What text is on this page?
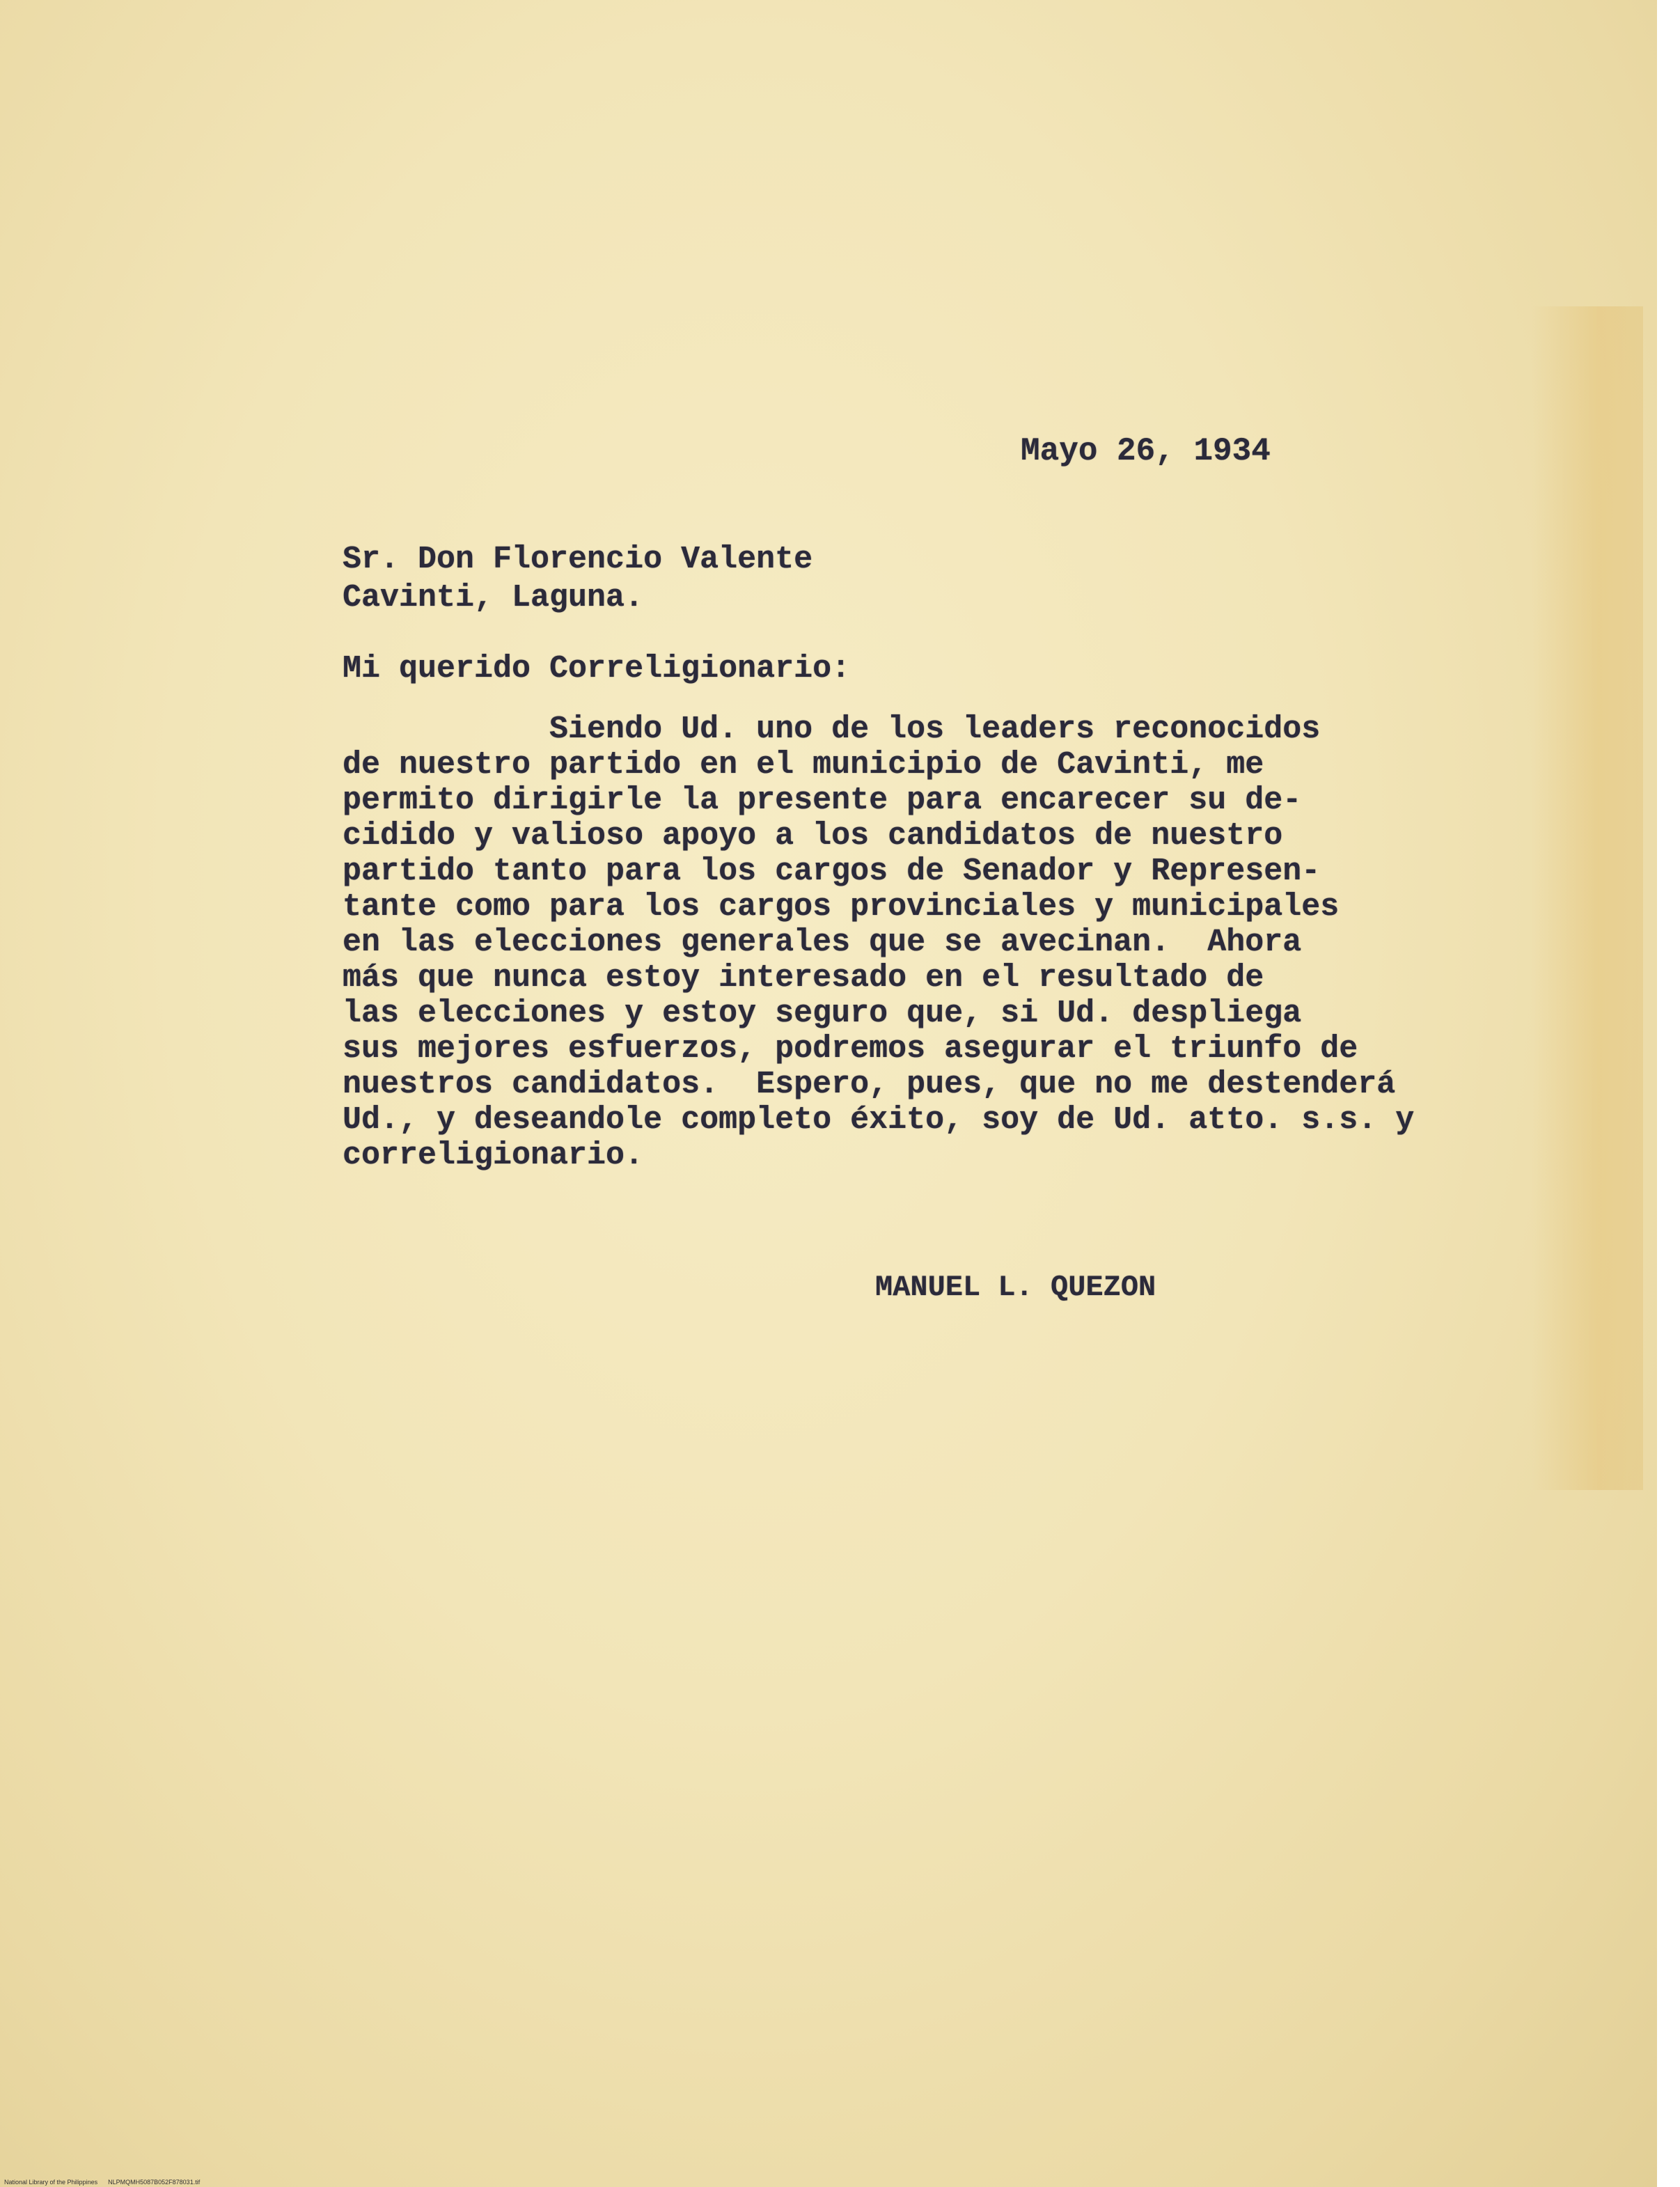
Mayo 26, 1934
Sr. Don Florencio Valente
Cavinti, Laguna.
Mi querido Correligionario:
Siendo Ud. uno de los leaders reconocidos
de nuestro partido en el municipio de Cavinti, me
permito dirigirle la presente para encarecer su de-
cidido y valioso apoyo a los candidatos de nuestro
partido tanto para los cargos de Senador y Represen-
tante como para los cargos provinciales y municipales
en las elecciones generales que se avecinan.  Ahora
más que nunca estoy interesado en el resultado de
las elecciones y estoy seguro que, si Ud. despliega
sus mejores esfuerzos, podremos asegurar el triunfo de
nuestros candidatos.  Espero, pues, que no me destenderá
Ud., y deseandole completo éxito, soy de Ud. atto. s.s. y
correligionario.
MANUEL L. QUEZON
National Library of the Philippines NLPMQMH5087B052F878031.tif
